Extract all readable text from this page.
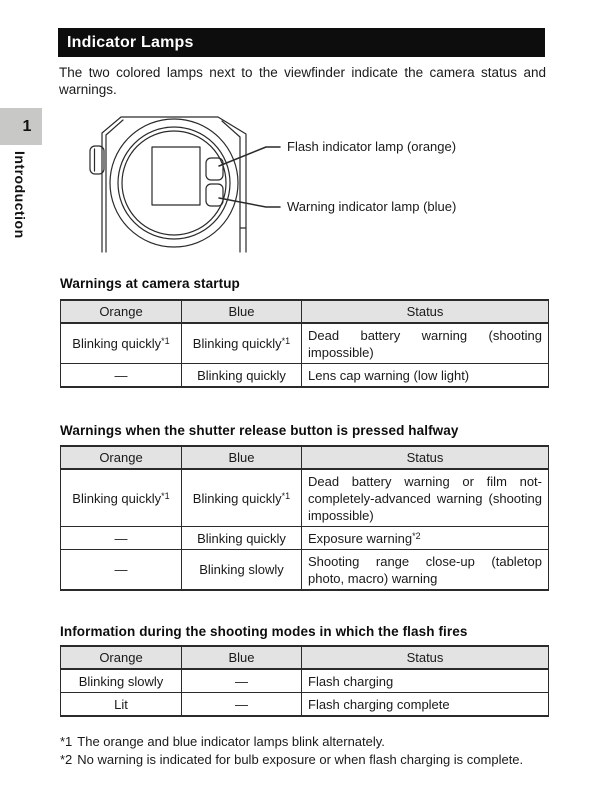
Indicator Lamps
The two colored lamps next to the viewfinder indicate the camera status and warnings.
1
Introduction
Flash indicator lamp (orange)
Warning indicator lamp (blue)
Warnings at camera startup
Orange	Blue	Status
Blinking quickly$^{*1}$	Blinking quickly$^{*1}$	Dead battery warning (shooting impossible)
—	Blinking quickly	Lens cap warning (low light)
Warnings when the shutter release button is pressed halfway
Orange	Blue	Status
Blinking quickly$^{*1}$	Blinking quickly$^{*1}$	Dead battery warning or film not-completely-advanced warning (shooting impossible)
—	Blinking quickly	Exposure warning$^{*2}$
—	Blinking slowly	Shooting range close-up (tabletop photo, macro) warning
Information during the shooting modes in which the flash fires
Orange	Blue	Status
Blinking slowly	—	Flash charging
Lit	—	Flash charging complete
*1 The orange and blue indicator lamps blink alternately.
*2 No warning is indicated for bulb exposure or when flash charging is complete.
